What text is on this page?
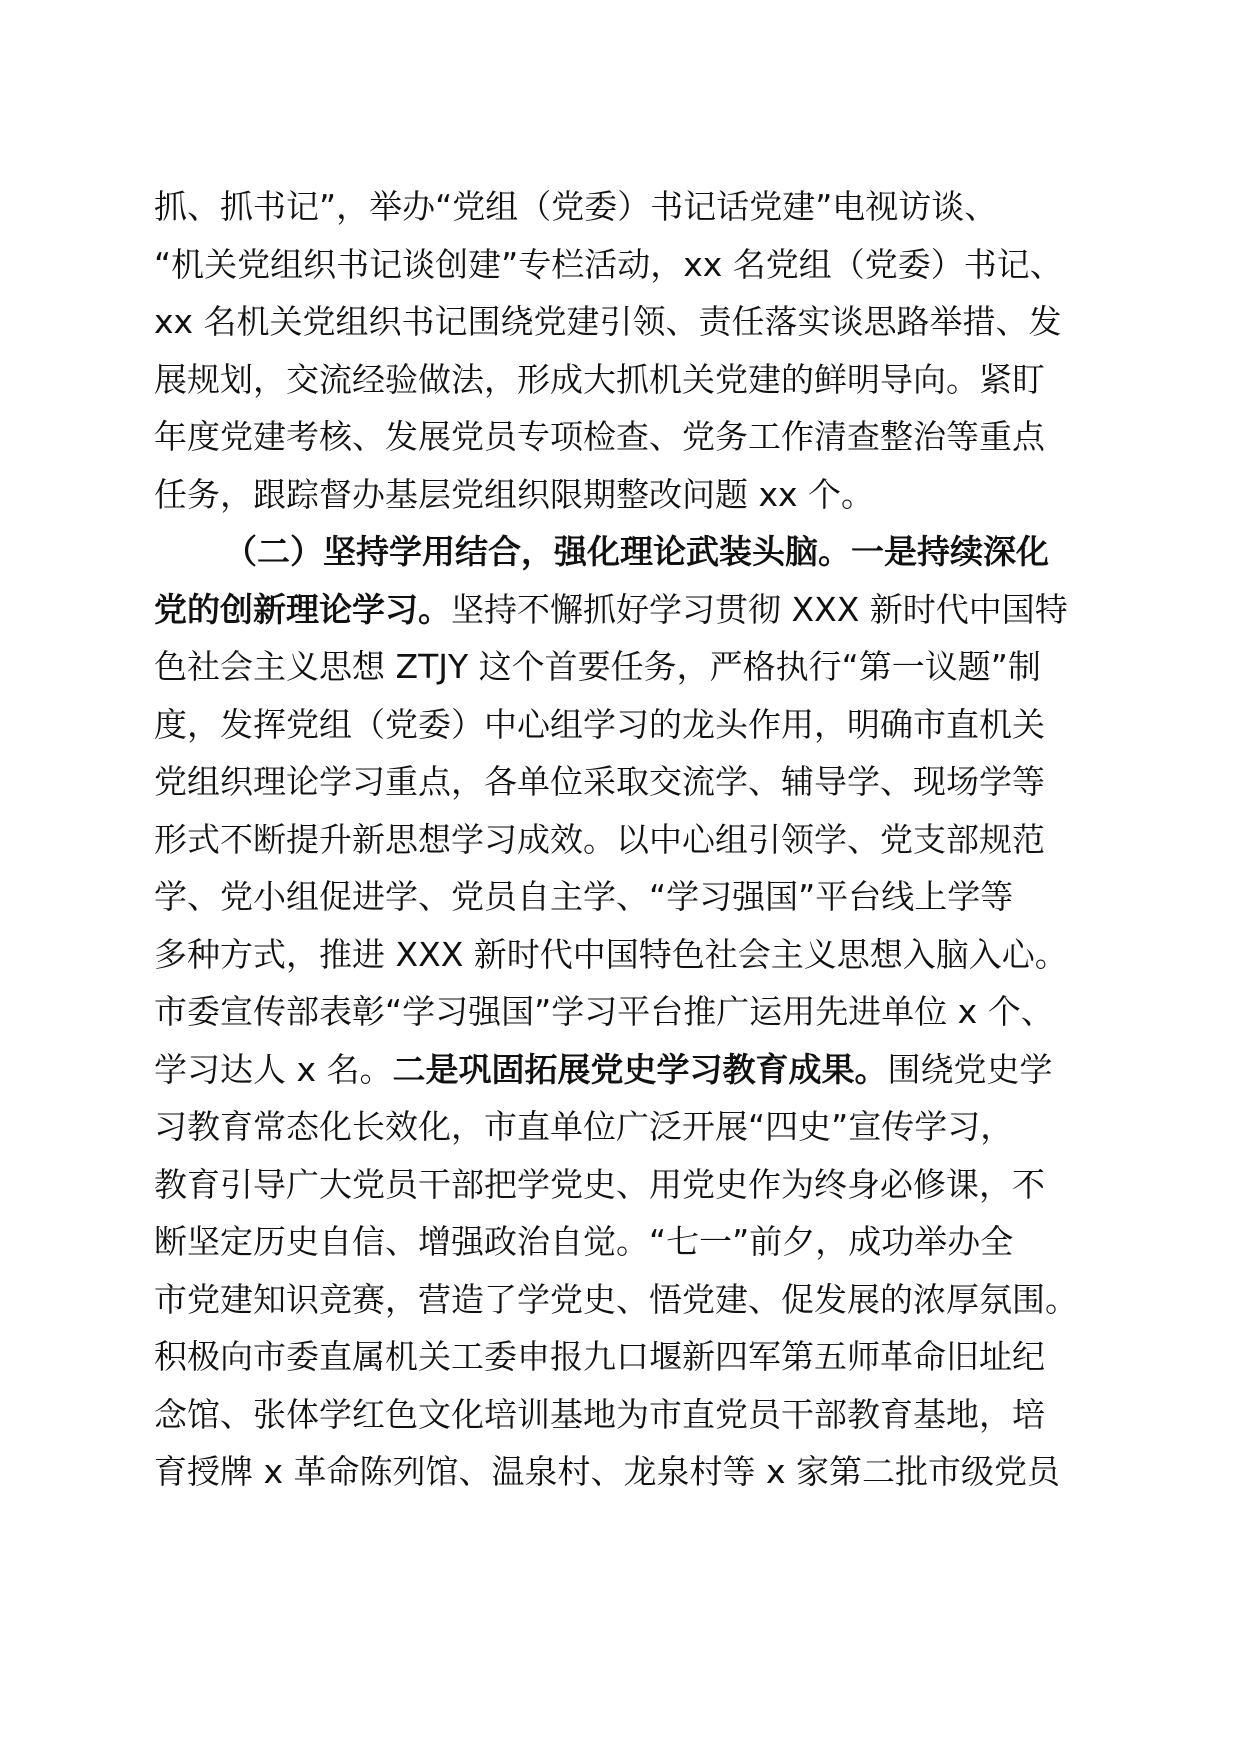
抓、抓书记”，举办“党组（党委）书记话党建”电视访谈、
“机关党组织书记谈创建”专栏活动，xx 名党组（党委）书记、
xx 名机关党组织书记围绕党建引领、责任落实谈思路举措、发
展规划，交流经验做法，形成大抓机关党建的鲜明导向。紧盯
年度党建考核、发展党员专项检查、党务工作清查整治等重点
任务，跟踪督办基层党组织限期整改问题 xx 个。
（二）坚持学用结合，强化理论武装头脑。一是持续深化
党的创新理论学习。坚持不懈抓好学习贯彻 XXX 新时代中国特
色社会主义思想 ZTJY 这个首要任务，严格执行“第一议题”制
度，发挥党组（党委）中心组学习的龙头作用，明确市直机关
党组织理论学习重点，各单位采取交流学、辅导学、现场学等
形式不断提升新思想学习成效。以中心组引领学、党支部规范
学、党小组促进学、党员自主学、“学习强国”平台线上学等
多种方式，推进 XXX 新时代中国特色社会主义思想入脑入心。
市委宣传部表彰“学习强国”学习平台推广运用先进单位 x 个、
学习达人 x 名。二是巩固拓展党史学习教育成果。围绕党史学
习教育常态化长效化，市直单位广泛开展“四史”宣传学习，
教育引导广大党员干部把学党史、用党史作为终身必修课，不
断坚定历史自信、增强政治自觉。“七一”前夕，成功举办全
市党建知识竞赛，营造了学党史、悟党建、促发展的浓厚氛围。
积极向市委直属机关工委申报九口堰新四军第五师革命旧址纪
念馆、张体学红色文化培训基地为市直党员干部教育基地，培
育授牌 x 革命陈列馆、温泉村、龙泉村等 x 家第二批市级党员
